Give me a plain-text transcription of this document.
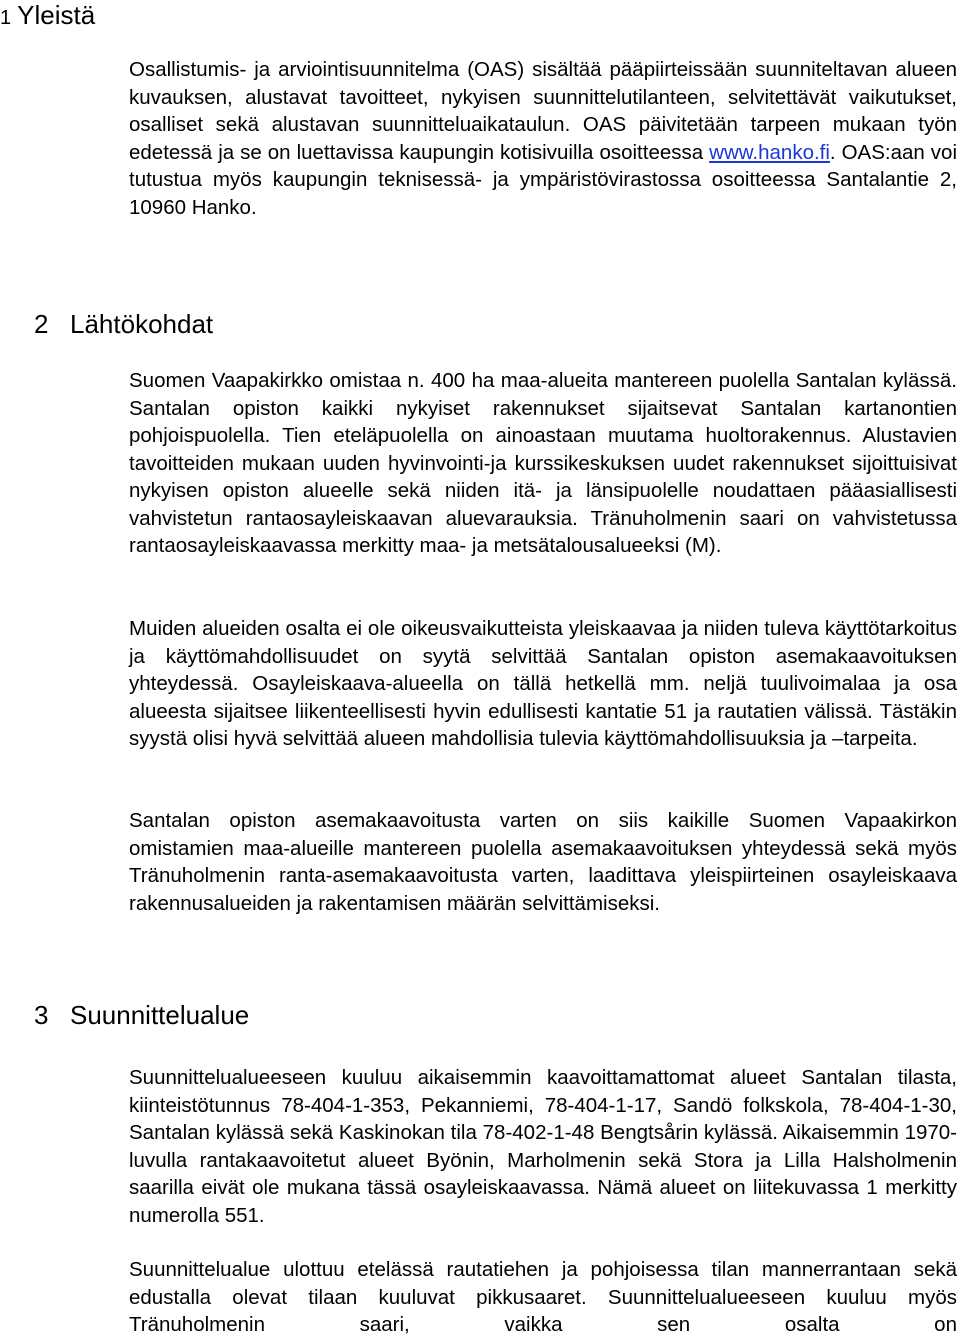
1 Yleistä

Osallistumis- ja arviointisuunnitelma (OAS) sisältää pääpiirteissään suunniteltavan alueen kuvauksen, alustavat tavoitteet, nykyisen suunnittelutilanteen, selvitettävät vaikutukset, osalliset sekä alustavan suunnitteluaikataulun. OAS päivitetään tarpeen mukaan työn edetessä ja se on luettavissa kaupungin kotisivuilla osoitteessa www.hanko.fi. OAS:aan voi tutustua myös kaupungin teknisessä- ja ympäristövirastossa osoitteessa Santalantie 2, 10960 Hanko.

2 Lähtökohdat

Suomen Vaapakirkko omistaa n. 400 ha maa-alueita mantereen puolella Santalan kylässä. Santalan opiston kaikki nykyiset rakennukset sijaitsevat Santalan kartanontien pohjoispuolella. Tien eteläpuolella on ainoastaan muutama huoltorakennus. Alustavien tavoitteiden mukaan uuden hyvinvointi-ja kurssikeskuksen uudet rakennukset sijoittuisivat nykyisen opiston alueelle sekä niiden itä- ja länsipuolelle noudattaen pääasiallisesti vahvistetun rantaosayleiskaavan aluevarauksia. Tränuholmenin saari on vahvistetussa rantaosayleiskaavassa merkitty maa- ja metsätalousalueeksi (M).

Muiden alueiden osalta ei ole oikeusvaikutteista yleiskaavaa ja niiden tuleva käyttötarkoitus ja käyttömahdollisuudet on syytä selvittää Santalan opiston asemakaavoituksen yhteydessä. Osayleiskaava-alueella on tällä hetkellä mm. neljä tuulivoimalaa ja osa alueesta sijaitsee liikenteellisesti hyvin edullisesti kantatie 51 ja rautatien välissä. Tästäkin syystä olisi hyvä selvittää alueen mahdollisia tulevia käyttömahdollisuuksia ja –tarpeita.

Santalan opiston asemakaavoitusta varten on siis kaikille Suomen Vapaakirkon omistamien maa-alueille mantereen puolella asemakaavoituksen yhteydessä sekä myös Tränuholmenin ranta-asemakaavoitusta varten, laadittava yleispiirteinen osayleiskaava rakennusalueiden ja rakentamisen määrän selvittämiseksi.

3 Suunnittelualue

Suunnittelualueeseen kuuluu aikaisemmin kaavoittamattomat alueet Santalan tilasta, kiinteistötunnus 78-404-1-353, Pekanniemi, 78-404-1-17, Sandö folkskola, 78-404-1-30, Santalan kylässä sekä Kaskinokan tila 78-402-1-48 Bengtsårin kylässä. Aikaisemmin 1970-luvulla rantakaavoitetut alueet Byönin, Marholmenin sekä Stora ja Lilla Halsholmenin saarilla eivät ole mukana tässä osayleiskaavassa. Nämä alueet on liitekuvassa 1 merkitty numerolla 551.

Suunnittelualue ulottuu etelässä rautatiehen ja pohjoisessa tilan mannerrantaan sekä edustalla olevat tilaan kuuluvat pikkusaaret. Suunnittelualueeseen kuuluu myös Tränuholmenin saari, vaikka sen osalta on
